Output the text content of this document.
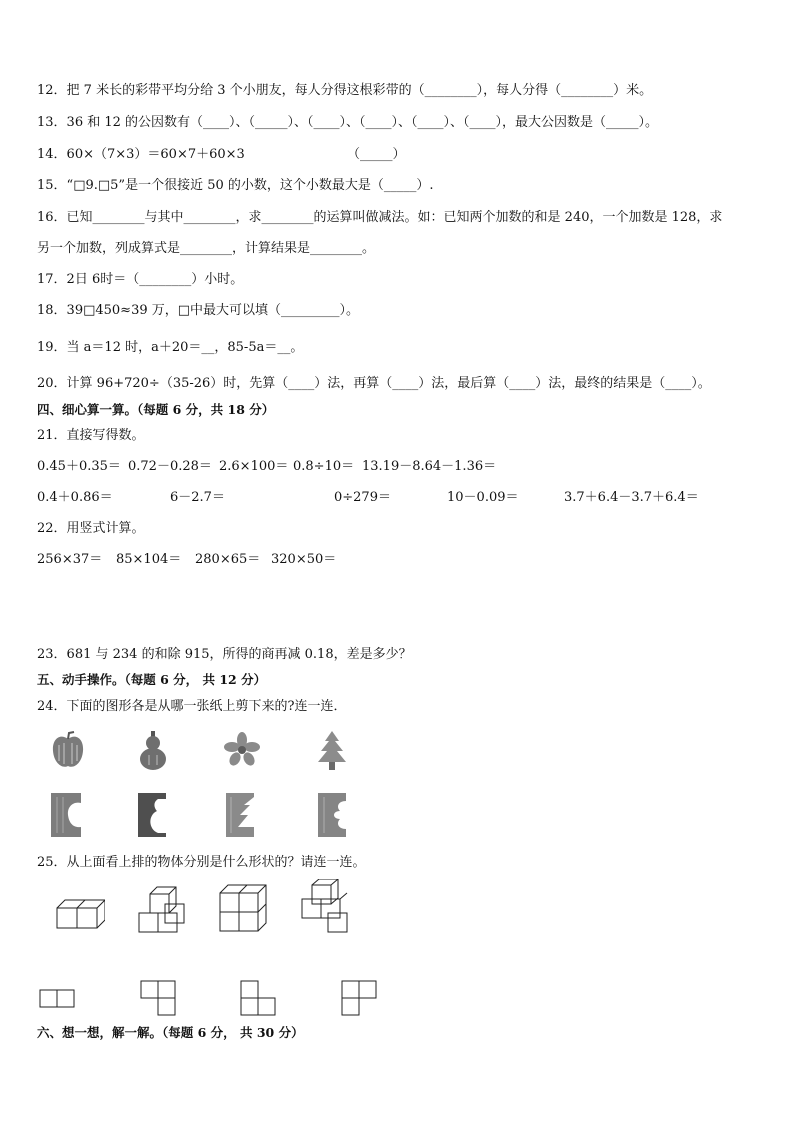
12．把 7 米长的彩带平均分给 3 个小朋友，每人分得这根彩带的（________），每人分得（________）米。
13．36 和 12 的公因数有（____）、（_____）、（____）、（____）、（____）、（____），最大公因数是（_____）。
14．60×（7×3）＝60×7＋60×3	（_____）
15．“□9.□5”是一个很接近 50 的小数，这个小数最大是（_____）.
16．已知________与其中________，求________的运算叫做减法。如：已知两个加数的和是 240，一个加数是 128，求
另一个加数，列成算式是________，计算结果是________。
17．2日 6时＝（________）小时。
18．39□450≈39 万，□中最大可以填（_________）。
19．当 a＝12 时，a＋20＝__，85-5a＝__。
20．计算 96+720÷（35-26）时，先算（____）法，再算（____）法，最后算（____）法，最终的结果是（____）。
四、细心算一算。（每题 6 分，共 18 分）
21．直接写得数。
0.45＋0.35＝ 0.72－0.28＝ 2.6×100＝ 0.8÷10＝ 13.19－8.64－1.36＝
0.4＋0.86＝	6－2.7＝	0÷279＝	10－0.09＝	3.7＋6.4－3.7＋6.4＝
22．用竖式计算。
256×37＝ 85×104＝ 280×65＝ 320×50＝
23．681 与 234 的和除 915，所得的商再减 0.18，差是多少？
五、动手操作。（每题 6 分， 共 12 分）
24．下面的图形各是从哪一张纸上剪下来的?连一连．
25．从上面看上排的物体分别是什么形状的？请连一连。
六、想一想，解一解。（每题 6 分， 共 30 分）
